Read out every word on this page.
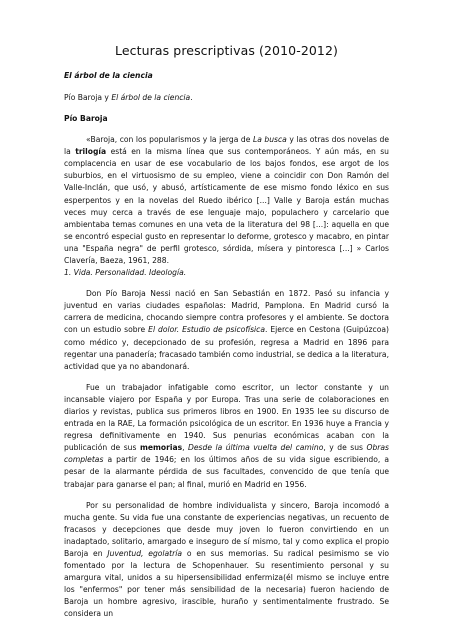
Lecturas prescriptivas (2010-2012)

El árbol de la ciencia

Pío Baroja y El árbol de la ciencia.

Pío Baroja

«Baroja, con los popularismos y la jerga de La busca y las otras dos novelas de la trilogía está en la misma línea que sus contemporáneos. Y aún más, en su complacencia en usar de ese vocabulario de los bajos fondos, ese argot de los suburbios, en el virtuosismo de su empleo, viene a coincidir con Don Ramón del Valle-Inclán, que usó, y abusó, artísticamente de ese mismo fondo léxico en sus esperpentos y en la novelas del Ruedo ibérico [...] Valle y Baroja están muchas veces muy cerca a través de ese lenguaje majo, populachero y carcelario que ambientaba temas comunes en una veta de la literatura del 98 [...]: aquella en que se encontró especial gusto en representar lo deforme, grotesco y macabro, en pintar una "España negra" de perfil grotesco, sórdida, mísera y pintoresca [...] » Carlos Clavería, Baeza, 1961, 288.

1. Vida. Personalidad. Ideología.

Don Pío Baroja Nessi nació en San Sebastián en 1872. Pasó su infancia y juventud en varias ciudades españolas: Madrid, Pamplona. En Madrid cursó la carrera de medicina, chocando siempre contra profesores y el ambiente. Se doctora con un estudio sobre El dolor. Estudio de psicofísica. Ejerce en Cestona (Guipúzcoa) como médico y, decepcionado de su profesión, regresa a Madrid en 1896 para regentar una panadería; fracasado también como industrial, se dedica a la literatura, actividad que ya no abandonará.

Fue un trabajador infatigable como escritor, un lector constante y un incansable viajero por España y por Europa. Tras una serie de colaboraciones en diarios y revistas, publica sus primeros libros en 1900. En 1935 lee su discurso de entrada en la RAE, La formación psicológica de un escritor. En 1936 huye a Francia y regresa definitivamente en 1940. Sus penurias económicas acaban con la publicación de sus memorias, Desde la última vuelta del camino, y de sus Obras completas a partir de 1946; en los últimos años de su vida sigue escribiendo, a pesar de la alarmante pérdida de sus facultades, convencido de que tenía que trabajar para ganarse el pan; al final, murió en Madrid en 1956.

Por su personalidad de hombre individualista y sincero, Baroja incomodó a mucha gente. Su vida fue una constante de experiencias negativas, un recuento de fracasos y decepciones que desde muy joven lo fueron convirtiendo en un inadaptado, solitario, amargado e inseguro de sí mismo, tal y como explica el propio Baroja en Juventud, egolatría o en sus memorias. Su radical pesimismo se vio fomentado por la lectura de Schopenhauer. Su resentimiento personal y su amargura vital, unidos a su hipersensibilidad enfermiza(él mismo se incluye entre los "enfermos" por tener más sensibilidad de la necesaria) fueron haciendo de Baroja un hombre agresivo, irascible, huraño y sentimentalmente frustrado. Se considera un
